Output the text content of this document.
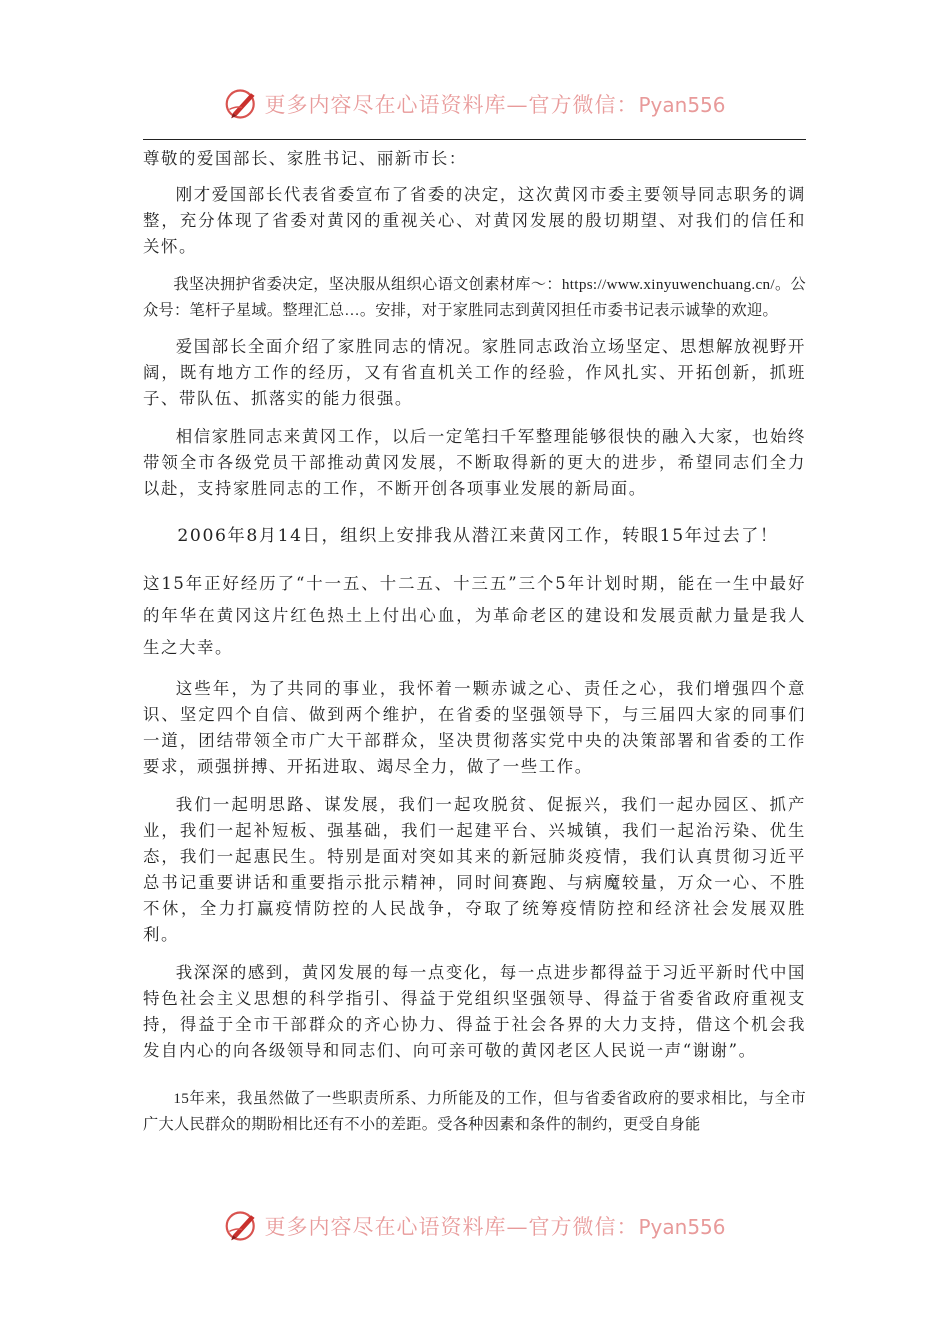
更多内容尽在心语资料库—官方微信：Pyan556

尊敬的爱国部长、家胜书记、丽新市长：

刚才爱国部长代表省委宣布了省委的决定，这次黄冈市委主要领导同志职务的调整，充分体现了省委对黄冈的重视关心、对黄冈发展的殷切期望、对我们的信任和关怀。

我坚决拥护省委决定，坚决服从组织心语文创素材库～：https://www.xinyuwenchuang.cn/。公众号：笔杆子星域。整理汇总…。安排，对于家胜同志到黄冈担任市委书记表示诚挚的欢迎。

爱国部长全面介绍了家胜同志的情况。家胜同志政治立场坚定、思想解放视野开阔，既有地方工作的经历，又有省直机关工作的经验，作风扎实、开拓创新，抓班子、带队伍、抓落实的能力很强。

相信家胜同志来黄冈工作，以后一定笔扫千军整理能够很快的融入大家，也始终带领全市各级党员干部推动黄冈发展，不断取得新的更大的进步，希望同志们全力以赴，支持家胜同志的工作，不断开创各项事业发展的新局面。

2006年8月14日，组织上安排我从潜江来黄冈工作，转眼15年过去了！

这15年正好经历了“十一五、十二五、十三五”三个5年计划时期，能在一生中最好的年华在黄冈这片红色热土上付出心血，为革命老区的建设和发展贡献力量是我人生之大幸。

这些年，为了共同的事业，我怀着一颗赤诚之心、责任之心，我们增强四个意识、坚定四个自信、做到两个维护，在省委的坚强领导下，与三届四大家的同事们一道，团结带领全市广大干部群众，坚决贯彻落实党中央的决策部署和省委的工作要求，顽强拼搏、开拓进取、竭尽全力，做了一些工作。

我们一起明思路、谋发展，我们一起攻脱贫、促振兴，我们一起办园区、抓产业，我们一起补短板、强基础，我们一起建平台、兴城镇，我们一起治污染、优生态，我们一起惠民生。特别是面对突如其来的新冠肺炎疫情，我们认真贯彻习近平总书记重要讲话和重要指示批示精神，同时间赛跑、与病魔较量，万众一心、不胜不休，全力打赢疫情防控的人民战争，夺取了统筹疫情防控和经济社会发展双胜利。

我深深的感到，黄冈发展的每一点变化，每一点进步都得益于习近平新时代中国特色社会主义思想的科学指引、得益于党组织坚强领导、得益于省委省政府重视支持，得益于全市干部群众的齐心协力、得益于社会各界的大力支持，借这个机会我发自内心的向各级领导和同志们、向可亲可敬的黄冈老区人民说一声“谢谢”。

15年来，我虽然做了一些职责所系、力所能及的工作，但与省委省政府的要求相比，与全市广大人民群众的期盼相比还有不小的差距。受各种因素和条件的制约，更受自身能

更多内容尽在心语资料库—官方微信：Pyan556
